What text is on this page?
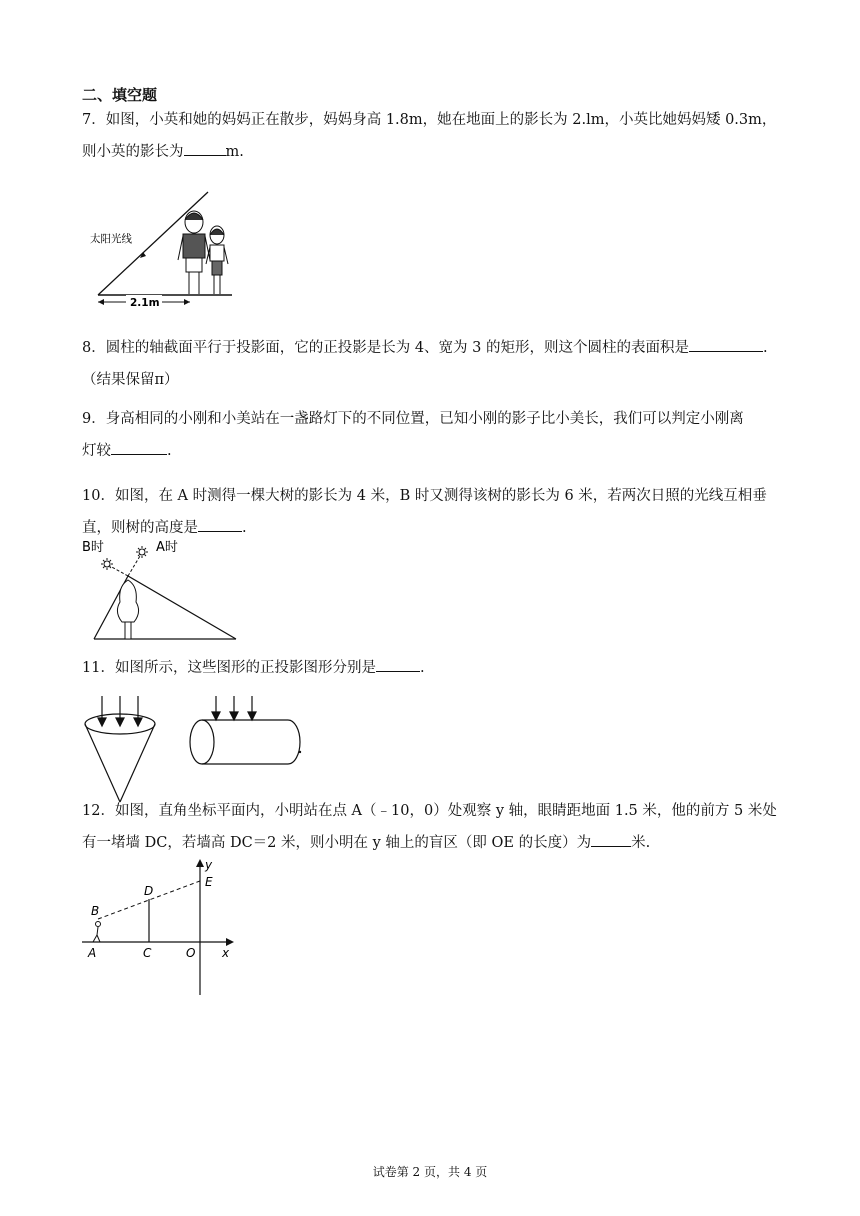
二、填空题

7．如图，小英和她的妈妈正在散步，妈妈身高 1.8m，她在地面上的影长为 2.lm，小英比她妈妈矮 0.3m，

则小英的影长为	m.

太阳光线
2.1m

8．圆柱的轴截面平行于投影面，它的正投影是长为 4、宽为 3 的矩形，则这个圆柱的表面积是	.

（结果保留π）

9．身高相同的小刚和小美站在一盏路灯下的不同位置，已知小刚的影子比小美长，我们可以判定小刚离

灯较	.

10．如图，在 A 时测得一棵大树的影长为 4 米，B 时又测得该树的影长为 6 米，若两次日照的光线互相垂

直，则树的高度是	.

B时	A时

11．如图所示，这些图形的正投影图形分别是	.

12．如图，直角坐标平面内，小明站在点 A（﹣10，0）处观察 y 轴，眼睛距地面 1.5 米，他的前方 5 米处

有一堵墙 DC，若墙高 DC＝2 米，则小明在 y 轴上的盲区（即 OE 的长度）为	米.

y
x
E
D
B
A	C	O
试卷第 2 页，共 4 页
